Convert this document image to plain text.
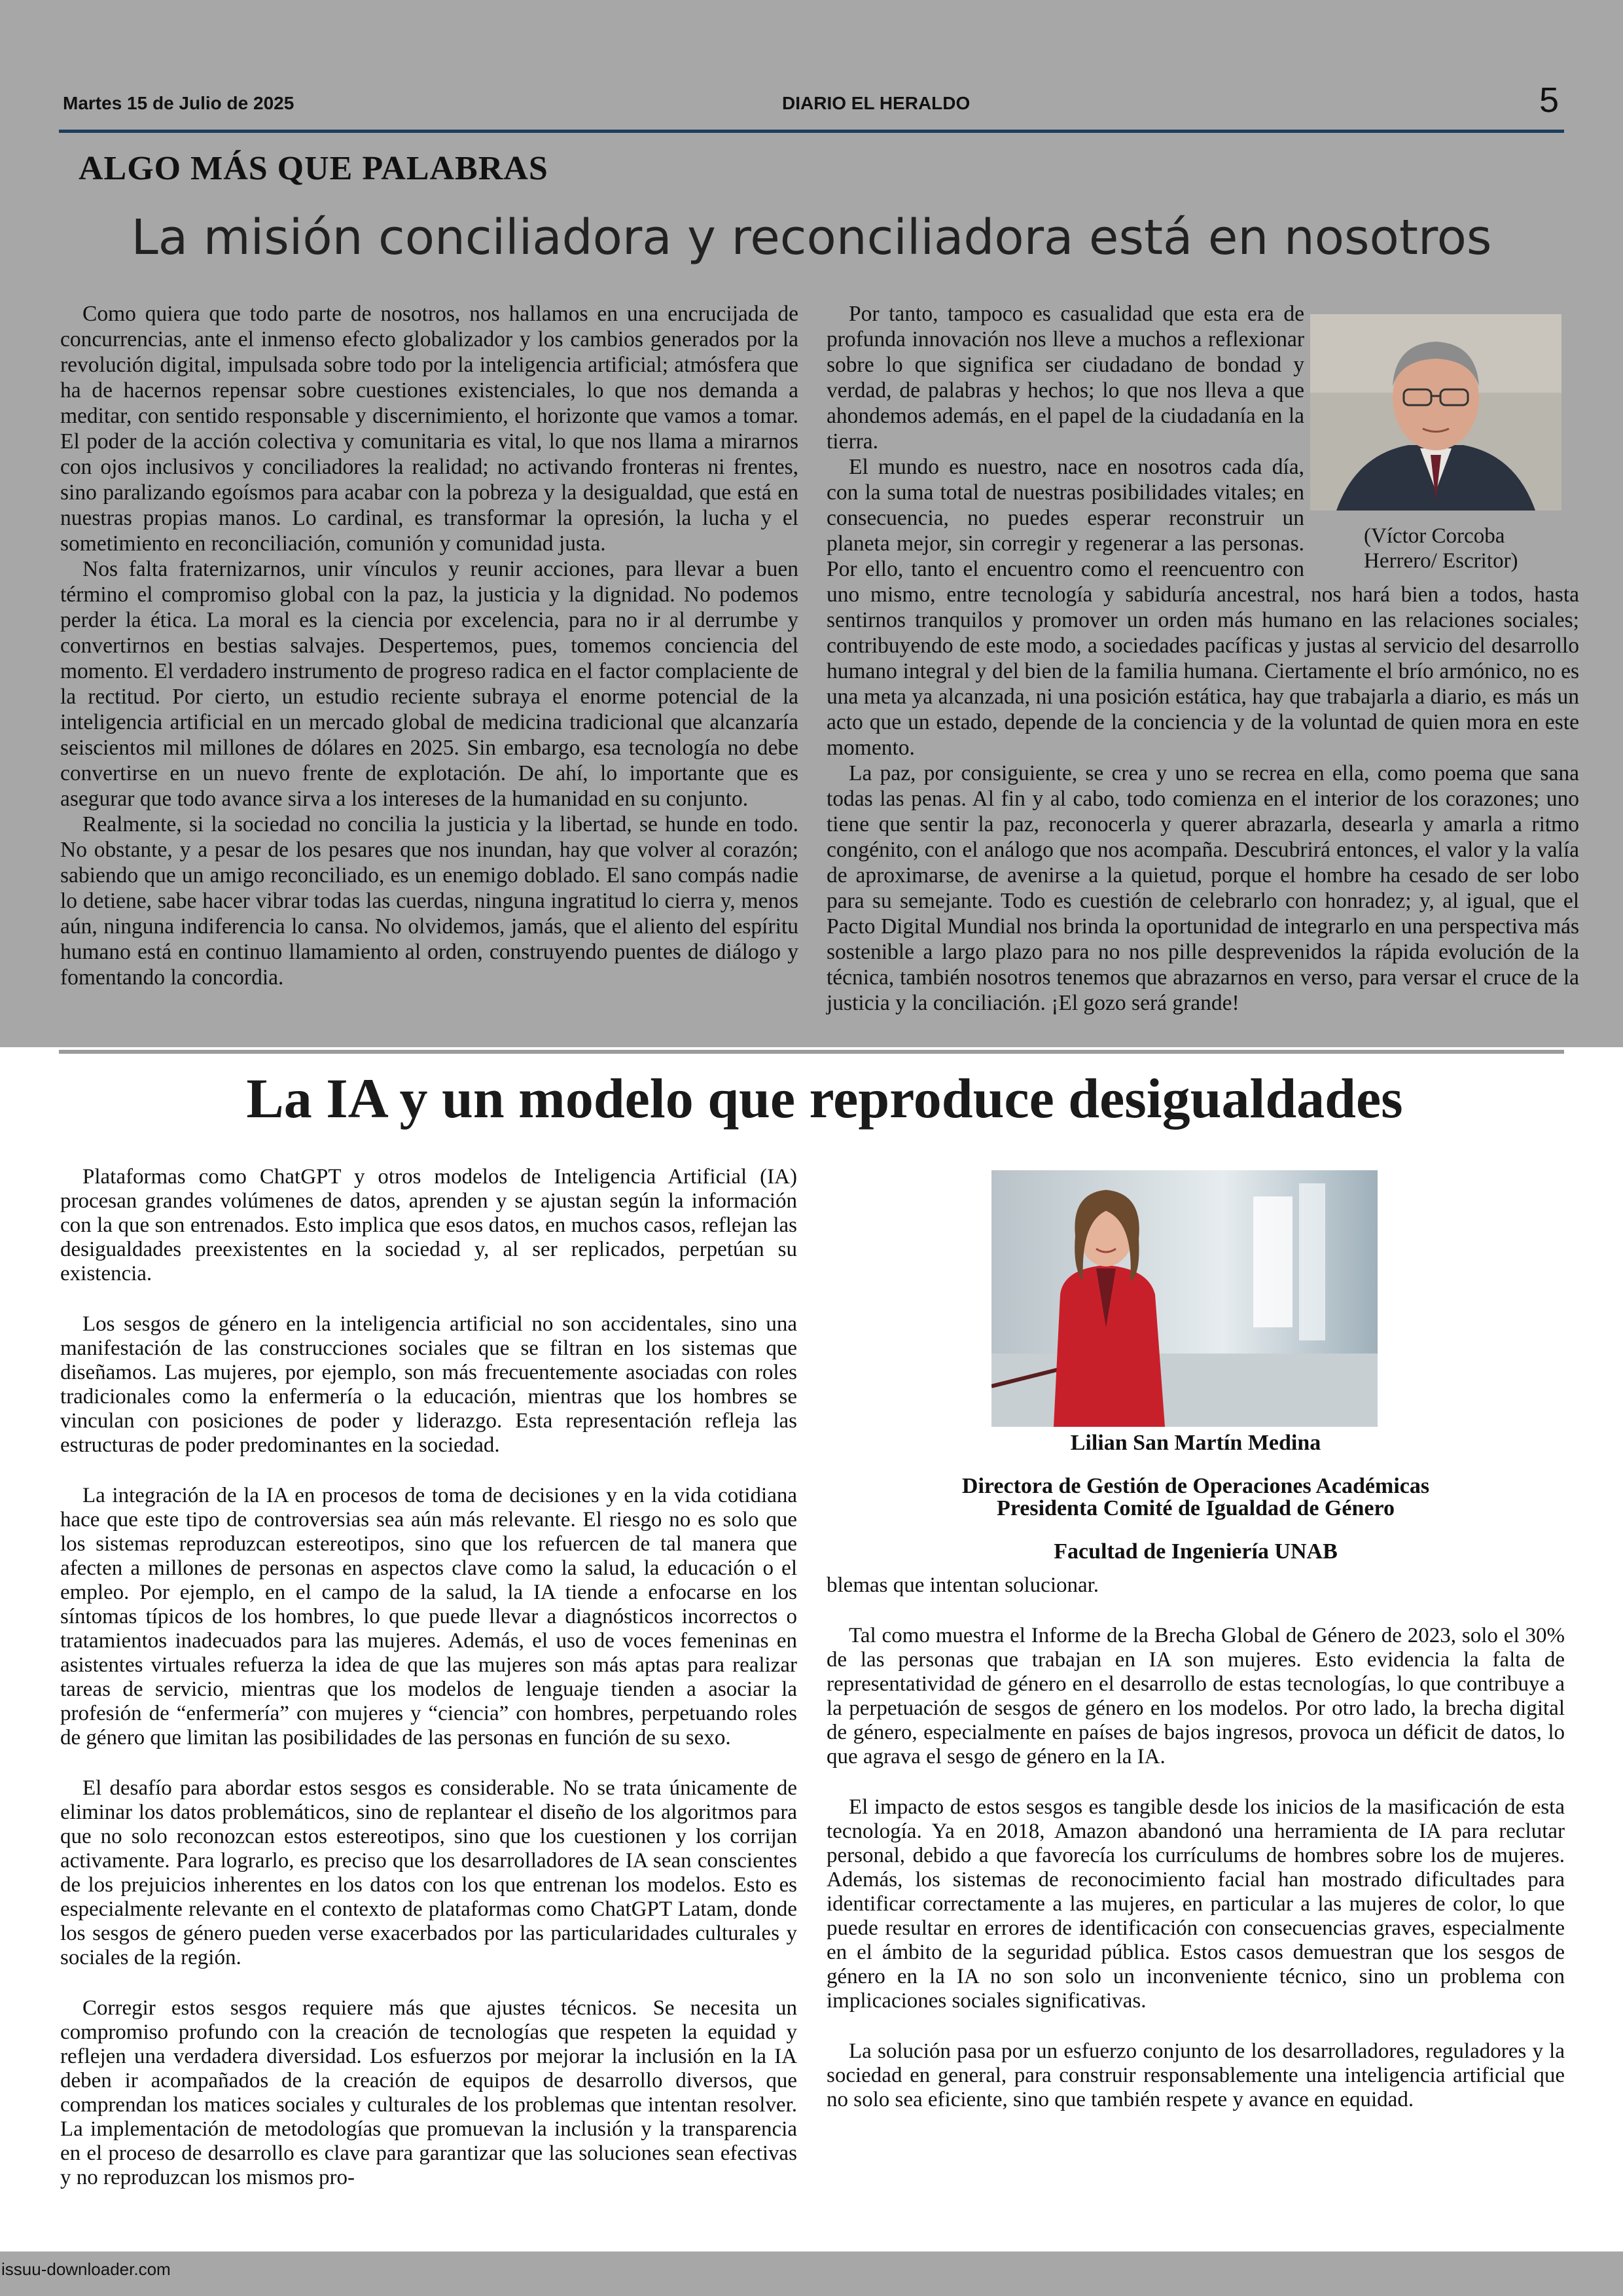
Martes 15 de Julio de 2025	DIARIO EL HERALDO	5
ALGO MÁS QUE PALABRAS
La misión conciliadora y reconciliadora está en nosotros

Como quiera que todo parte de nosotros, nos hallamos en una encrucijada de concurrencias, ante el inmenso efecto globalizador y los cambios generados por la revolución digital, impulsada sobre todo por la inteligencia artificial; atmósfera que ha de hacernos repensar sobre cuestiones existenciales, lo que nos demanda a meditar, con sentido responsable y discernimiento, el horizonte que vamos a tomar. El poder de la acción colectiva y comunitaria es vital, lo que nos llama a mirarnos con ojos inclusivos y conciliadores la realidad; no activando fronteras ni frentes, sino paralizando egoísmos para acabar con la pobreza y la desigualdad, que está en nuestras propias manos. Lo cardinal, es transformar la opresión, la lucha y el sometimiento en reconciliación, comunión y comunidad justa.

Nos falta fraternizarnos, unir vínculos y reunir acciones, para llevar a buen término el compromiso global con la paz, la justicia y la dignidad. No podemos perder la ética. La moral es la ciencia por excelencia, para no ir al derrumbe y convertirnos en bestias salvajes. Despertemos, pues, tomemos conciencia del momento. El verdadero instrumento de progreso radica en el factor complaciente de la rectitud. Por cierto, un estudio reciente subraya el enorme potencial de la inteligencia artificial en un mercado global de medicina tradicional que alcanzaría seiscientos mil millones de dólares en 2025. Sin embargo, esa tecnología no debe convertirse en un nuevo frente de explotación. De ahí, lo importante que es asegurar que todo avance sirva a los intereses de la humanidad en su conjunto.

Realmente, si la sociedad no concilia la justicia y la libertad, se hunde en todo. No obstante, y a pesar de los pesares que nos inundan, hay que volver al corazón; sabiendo que un amigo reconciliado, es un enemigo doblado. El sano compás nadie lo detiene, sabe hacer vibrar todas las cuerdas, ninguna ingratitud lo cierra y, menos aún, ninguna indiferencia lo cansa. No olvidemos, jamás, que el aliento del espíritu humano está en continuo llamamiento al orden, construyendo puentes de diálogo y fomentando la concordia.

Por tanto, tampoco es casualidad que esta era de profunda innovación nos lleve a muchos a reflexionar sobre lo que significa ser ciudadano de bondad y verdad, de palabras y hechos; lo que nos lleva a que ahondemos además, en el papel de la ciudadanía en la tierra.

El mundo es nuestro, nace en nosotros cada día, con la suma total de nuestras posibilidades vitales; en consecuencia, no puedes esperar reconstruir un planeta mejor, sin corregir y regenerar a las personas. Por ello, tanto el encuentro como el reencuentro con uno mismo, entre tecnología y sabiduría ancestral, nos hará bien a todos, hasta sentirnos tranquilos y promover un orden más humano en las relaciones sociales; contribuyendo de este modo, a sociedades pacíficas y justas al servicio del desarrollo humano integral y del bien de la familia humana. Ciertamente el brío armónico, no es una meta ya alcanzada, ni una posición estática, hay que trabajarla a diario, es más un acto que un estado, depende de la conciencia y de la voluntad de quien mora en este momento.

La paz, por consiguiente, se crea y uno se recrea en ella, como poema que sana todas las penas. Al fin y al cabo, todo comienza en el interior de los corazones; uno tiene que sentir la paz, reconocerla y querer abrazarla, desearla y amarla a ritmo congénito, con el análogo que nos acompaña. Descubrirá entonces, el valor y la valía de aproximarse, de avenirse a la quietud, porque el hombre ha cesado de ser lobo para su semejante. Todo es cuestión de celebrarlo con honradez; y, al igual, que el Pacto Digital Mundial nos brinda la oportunidad de integrarlo en una perspectiva más sostenible a largo plazo para no nos pille desprevenidos la rápida evolución de la técnica, también nosotros tenemos que abrazarnos en verso, para versar el cruce de la justicia y la conciliación. ¡El gozo será grande!

(Víctor Corcoba Herrero/ Escritor)
La IA y un modelo que reproduce desigualdades

Plataformas como ChatGPT y otros modelos de Inteligencia Artificial (IA) procesan grandes volúmenes de datos, aprenden y se ajustan según la información con la que son entrenados. Esto implica que esos datos, en muchos casos, reflejan las desigualdades preexistentes en la sociedad y, al ser replicados, perpetúan su existencia.

Los sesgos de género en la inteligencia artificial no son accidentales, sino una manifestación de las construcciones sociales que se filtran en los sistemas que diseñamos. Las mujeres, por ejemplo, son más frecuentemente asociadas con roles tradicionales como la enfermería o la educación, mientras que los hombres se vinculan con posiciones de poder y liderazgo. Esta representación refleja las estructuras de poder predominantes en la sociedad.

La integración de la IA en procesos de toma de decisiones y en la vida cotidiana hace que este tipo de controversias sea aún más relevante. El riesgo no es solo que los sistemas reproduzcan estereotipos, sino que los refuercen de tal manera que afecten a millones de personas en aspectos clave como la salud, la educación o el empleo. Por ejemplo, en el campo de la salud, la IA tiende a enfocarse en los síntomas típicos de los hombres, lo que puede llevar a diagnósticos incorrectos o tratamientos inadecuados para las mujeres. Además, el uso de voces femeninas en asistentes virtuales refuerza la idea de que las mujeres son más aptas para realizar tareas de servicio, mientras que los modelos de lenguaje tienden a asociar la profesión de “enfermería” con mujeres y “ciencia” con hombres, perpetuando roles de género que limitan las posibilidades de las personas en función de su sexo.

El desafío para abordar estos sesgos es considerable. No se trata únicamente de eliminar los datos problemáticos, sino de replantear el diseño de los algoritmos para que no solo reconozcan estos estereotipos, sino que los cuestionen y los corrijan activamente. Para lograrlo, es preciso que los desarrolladores de IA sean conscientes de los prejuicios inherentes en los datos con los que entrenan los modelos. Esto es especialmente relevante en el contexto de plataformas como ChatGPT Latam, donde los sesgos de género pueden verse exacerbados por las particularidades culturales y sociales de la región.

Corregir estos sesgos requiere más que ajustes técnicos. Se necesita un compromiso profundo con la creación de tecnologías que respeten la equidad y reflejen una verdadera diversidad. Los esfuerzos por mejorar la inclusión en la IA deben ir acompañados de la creación de equipos de desarrollo diversos, que comprendan los matices sociales y culturales de los problemas que intentan resolver. La implementación de metodologías que promuevan la inclusión y la transparencia en el proceso de desarrollo es clave para garantizar que las soluciones sean efectivas y no reproduzcan los mismos pro-

Lilian San Martín Medina
Directora de Gestión de Operaciones Académicas
Presidenta Comité de Igualdad de Género
Facultad de Ingeniería UNAB

blemas que intentan solucionar.

Tal como muestra el Informe de la Brecha Global de Género de 2023, solo el 30% de las personas que trabajan en IA son mujeres. Esto evidencia la falta de representatividad de género en el desarrollo de estas tecnologías, lo que contribuye a la perpetuación de sesgos de género en los modelos. Por otro lado, la brecha digital de género, especialmente en países de bajos ingresos, provoca un déficit de datos, lo que agrava el sesgo de género en la IA.

El impacto de estos sesgos es tangible desde los inicios de la masificación de esta tecnología. Ya en 2018, Amazon abandonó una herramienta de IA para reclutar personal, debido a que favorecía los currículums de hombres sobre los de mujeres. Además, los sistemas de reconocimiento facial han mostrado dificultades para identificar correctamente a las mujeres, en particular a las mujeres de color, lo que puede resultar en errores de identificación con consecuencias graves, especialmente en el ámbito de la seguridad pública. Estos casos demuestran que los sesgos de género en la IA no son solo un inconveniente técnico, sino un problema con implicaciones sociales significativas.

La solución pasa por un esfuerzo conjunto de los desarrolladores, reguladores y la sociedad en general, para construir responsablemente una inteligencia artificial que no solo sea eficiente, sino que también respete y avance en equidad.

issuu-downloader.com
